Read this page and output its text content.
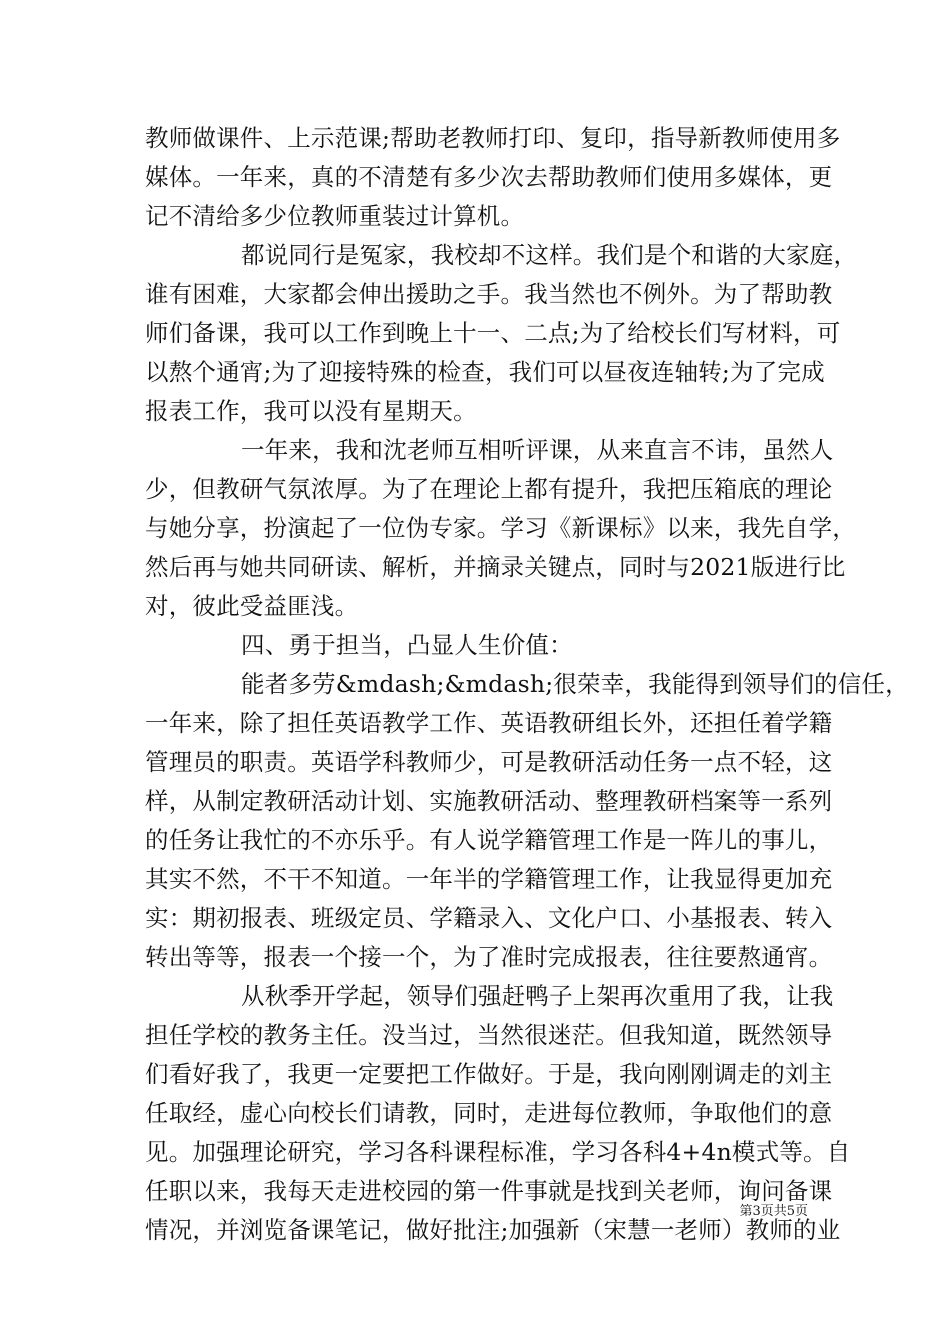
教师做课件、上示范课;帮助老教师打印、复印，指导新教师使用多
媒体。一年来，真的不清楚有多少次去帮助教师们使用多媒体，更
记不清给多少位教师重装过计算机。
都说同行是冤家，我校却不这样。我们是个和谐的大家庭，
谁有困难，大家都会伸出援助之手。我当然也不例外。为了帮助教
师们备课，我可以工作到晚上十一、二点;为了给校长们写材料，可
以熬个通宵;为了迎接特殊的检查，我们可以昼夜连轴转;为了完成
报表工作，我可以没有星期天。
一年来，我和沈老师互相听评课，从来直言不讳，虽然人
少，但教研气氛浓厚。为了在理论上都有提升，我把压箱底的理论
与她分享，扮演起了一位伪专家。学习《新课标》以来，我先自学，
然后再与她共同研读、解析，并摘录关键点，同时与2021版进行比
对，彼此受益匪浅。
四、勇于担当，凸显人生价值：
能者多劳&mdash;&mdash;很荣幸，我能得到领导们的信任，
一年来，除了担任英语教学工作、英语教研组长外，还担任着学籍
管理员的职责。英语学科教师少，可是教研活动任务一点不轻，这
样，从制定教研活动计划、实施教研活动、整理教研档案等一系列
的任务让我忙的不亦乐乎。有人说学籍管理工作是一阵儿的事儿，
其实不然，不干不知道。一年半的学籍管理工作，让我显得更加充
实：期初报表、班级定员、学籍录入、文化户口、小基报表、转入
转出等等，报表一个接一个，为了准时完成报表，往往要熬通宵。
从秋季开学起，领导们强赶鸭子上架再次重用了我，让我
担任学校的教务主任。没当过，当然很迷茫。但我知道，既然领导
们看好我了，我更一定要把工作做好。于是，我向刚刚调走的刘主
任取经，虚心向校长们请教，同时，走进每位教师，争取他们的意
见。加强理论研究，学习各科课程标准，学习各科4+4n模式等。自
任职以来，我每天走进校园的第一件事就是找到关老师，询问备课
情况，并浏览备课笔记，做好批注;加强新（宋慧一老师）教师的业
第3页共5页
